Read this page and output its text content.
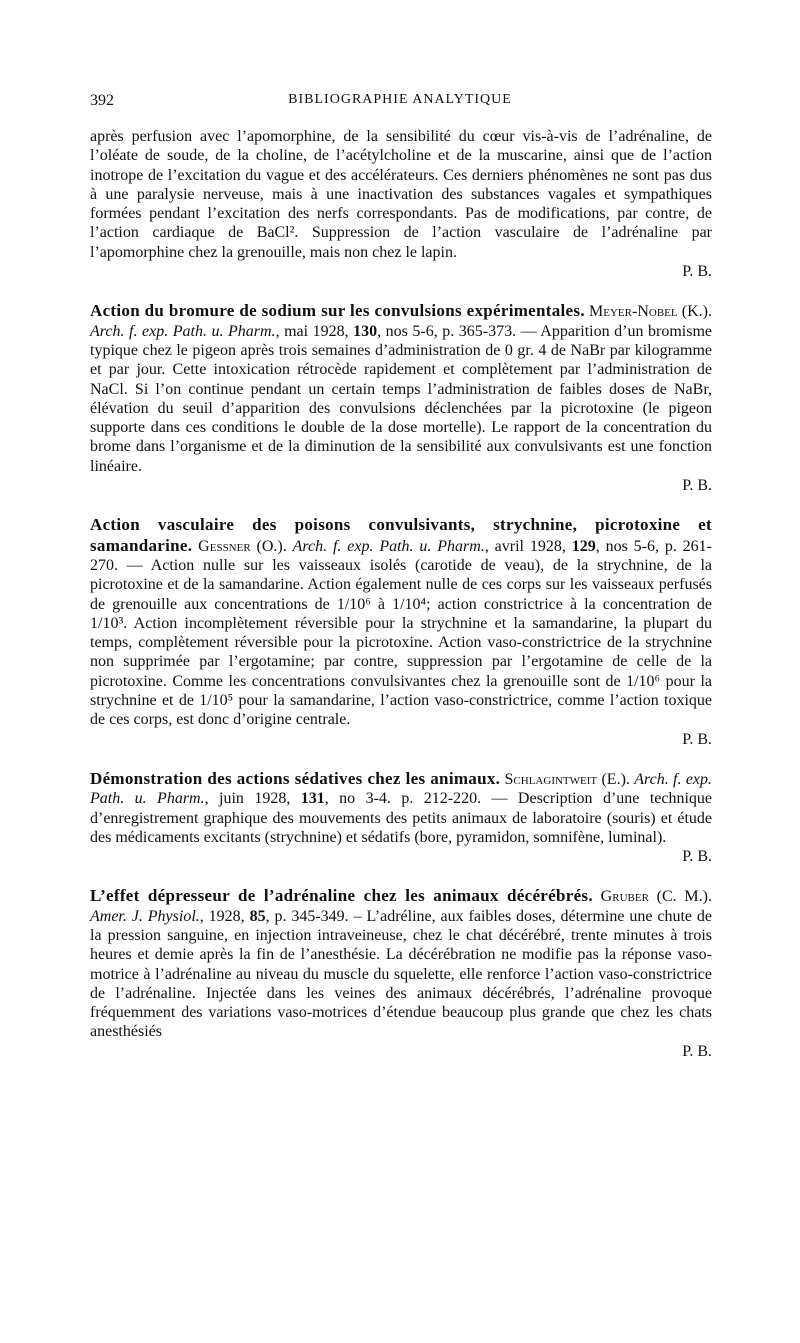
392	BIBLIOGRAPHIE ANALYTIQUE

après perfusion avec l’apomorphine, de la sensibilité du cœur vis-à-vis de l’adrénaline, de l’oléate de soude, de la choline, de l’acétylcholine et de la muscarine, ainsi que de l’action inotrope de l’excitation du vague et des accélérateurs. Ces derniers phénomènes ne sont pas dus à une paralysie nerveuse, mais à une inactivation des substances vagales et sympathiques formées pendant l’excitation des nerfs correspondants. Pas de modifications, par contre, de l’action cardiaque de BaCl². Suppression de l’action vasculaire de l’adrénaline par l’apomorphine chez la grenouille, mais non chez le lapin.

P. B.

Action du bromure de sodium sur les convulsions expérimentales. Meyer-Nobel (K.). Arch. f. exp. Path. u. Pharm., mai 1928, 130, nos 5-6, p. 365-373. — Apparition d’un bromisme typique chez le pigeon après trois semaines d’administration de 0 gr. 4 de NaBr par kilogramme et par jour. Cette intoxication rétrocède rapidement et complètement par l’administration de NaCl. Si l’on continue pendant un certain temps l’administration de faibles doses de NaBr, élévation du seuil d’apparition des convulsions déclenchées par la picrotoxine (le pigeon supporte dans ces conditions le double de la dose mortelle). Le rapport de la concentration du brome dans l’organisme et de la diminution de la sensibilité aux convulsivants est une fonction linéaire.

P. B.

Action vasculaire des poisons convulsivants, strychnine, picrotoxine et samandarine. Gessner (O.). Arch. f. exp. Path. u. Pharm., avril 1928, 129, nos 5-6, p. 261-270. — Action nulle sur les vaisseaux isolés (carotide de veau), de la strychnine, de la picrotoxine et de la samandarine. Action également nulle de ces corps sur les vaisseaux perfusés de grenouille aux concentrations de 1/10⁶ à 1/10⁴; action constrictrice à la concentration de 1/10³. Action incomplètement réversible pour la strychnine et la samandarine, la plupart du temps, complètement réversible pour la picrotoxine. Action vaso-constrictrice de la strychnine non supprimée par l’ergotamine; par contre, suppression par l’ergotamine de celle de la picrotoxine. Comme les concentrations convulsivantes chez la grenouille sont de 1/10⁶ pour la strychnine et de 1/10⁵ pour la samandarine, l’action vaso-constrictrice, comme l’action toxique de ces corps, est donc d’origine centrale.

P. B.

Démonstration des actions sédatives chez les animaux. Schlagintweit (E.). Arch. f. exp. Path. u. Pharm., juin 1928, 131, no 3-4. p. 212-220. — Description d’une technique d’enregistrement graphique des mouvements des petits animaux de laboratoire (souris) et étude des médicaments excitants (strychnine) et sédatifs (bore, pyramidon, somnifène, luminal).

P. B.

L’effet dépresseur de l’adrénaline chez les animaux décérébrés. Gruber (C. M.). Amer. J. Physiol., 1928, 85, p. 345-349. – L’adréline, aux faibles doses, détermine une chute de la pression sanguine, en injection intraveineuse, chez le chat décérébré, trente minutes à trois heures et demie après la fin de l’anesthésie. La décérébration ne modifie pas la réponse vaso-motrice à l’adrénaline au niveau du muscle du squelette, elle renforce l’action vaso-constrictrice de l’adrénaline. Injectée dans les veines des animaux décérébrés, l’adrénaline provoque fréquemment des variations vaso-motrices d’étendue beaucoup plus grande que chez les chats anesthésiés

P. B.
